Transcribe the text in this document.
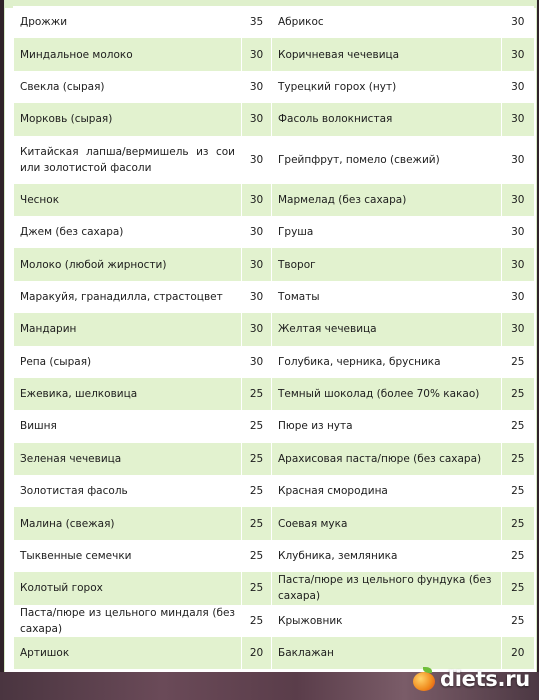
Дрожжи	35	Абрикос	30
Миндальное молоко	30	Коричневая чечевица	30
Свекла (сырая)	30	Турецкий горох (нут)	30
Морковь (сырая)	30	Фасоль волокнистая	30
Китайская лапша/вермишель из сои или золотистой фасоли	30	Грейпфрут, помело (свежий)	30
Чеснок	30	Мармелад (без сахара)	30
Джем (без сахара)	30	Груша	30
Молоко (любой жирности)	30	Творог	30
Маракуйя, гранадилла, страстоцвет	30	Томаты	30
Мандарин	30	Желтая чечевица	30
Репа (сырая)	30	Голубика, черника, брусника	25
Ежевика, шелковица	25	Темный шоколад (более 70% какао)	25
Вишня	25	Пюре из нута	25
Зеленая чечевица	25	Арахисовая паста/пюре (без сахара)	25
Золотистая фасоль	25	Красная смородина	25
Малина (свежая)	25	Соевая мука	25
Тыквенные семечки	25	Клубника, земляника	25
Колотый горох	25	Паста/пюре из цельного фундука (без сахара)	25
Паста/пюре из цельного миндаля (без сахара)	25	Крыжовник	25
Артишок	20	Баклажан	20
diets.ru
